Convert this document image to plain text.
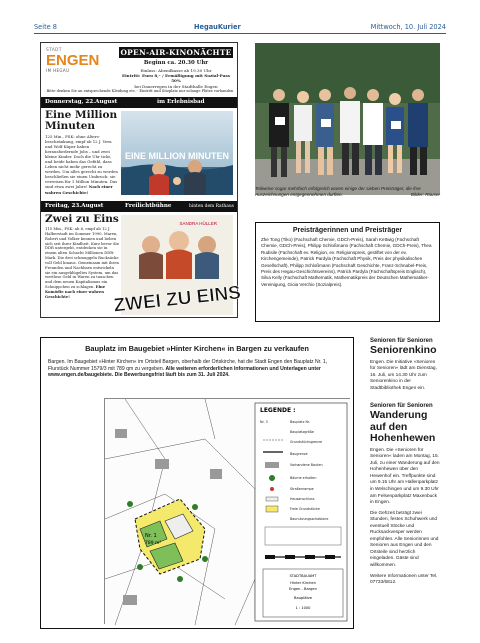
Seite 8	HegauKurier	Mittwoch, 10. Juli 2024
STADT
ENGEN
IM HEGAU
OPEN-AIR-KINONÄCHTE
Beginn ca. 20.30 Uhr
Einlass: Abendkasse ab 19.30 Uhr
Eintritt: Euro 8,– / Ermäßigung mit Sozial-Pass 50%
bei Dauerregen in der Stadthalle Engen
Bitte denken Sie an entsprechende Kleidung etc. · Eintritt und Sitzplatz nur solange Plätze vorhanden
Donnerstag, 22.August	im Erlebnisbad
Eine Million Minuten
125 Min., FSK: ohne Alters-beschränkung, empf ab 12 J. Vera und Wolf Küper haben herausfordernde Jobs – und zwei kleine Kinder. Doch die Uhr tickt, und beide haben das Gefühl, dass Leben nicht mehr gerecht zu werden. Um alles gerecht zu werden beschließen sie einen Umbruch: sie verreisen für 1 Million Minuten. Das sind etwa zwei Jahre! Nach einer wahren Geschichte!
EINE MILLION MINUTEN
Freitag, 23.August	Freilichtbühne	hinten dem Rathaus
Zwei zu Eins
115 Min., FSK: ab 6, empf ab 12 J. Halberstadt im Sommer 1990. Maren, Robert und Volker kennen und lieben sich seit ihrer Kindheit. Kurz bevor die DDR untergeht, entdecken sie in einem alten Schacht Millionen DDR-Mark. Die drei schmuggeln Rucksäcke voll Geld hinaus. Gemeinsam mit ihren Freunden und Nachbarn entwickeln sie ein ausgeklügeltes System, um das wertlose Geld in Waren zu tauschen und dem neuen Kapitalismus ein Schnippchen zu schlagen. Eine Komödie nach einer wahren Geschichte!
SANDRA HÜLLER
ZWEI ZU EINS
Teilweise sogar mehrfach erfolgreich waren einige der sieben Preisträger, die ihre Auszeichnungen entgegennehmen durften.	Bilder: Rauser
Preisträgerinnen und Preisträger

Zhe Tong (Tiko) (Fachschaft Chemie, GDCh-Preis), Sarah Kettwig (Fachschaft Chemie, GDCh-Preis), Philipp Schloßmann (Fachschaft Chemie, GDCh-Preis), Thea Rudisile (Fachschaft ev. Religion, ev. Religionspreis, gestiftet von der ev. Kirchengemeinde), Patrick Pardyla (Fachschaft Physik, Preis der physikalischen Gesellschaft), Philipp Schloßmann (Fachschaft Geschichte, Franz-Schnabel-Preis, Preis des Hegau-Geschichtsvereins), Patrick Pardyla (Fachschaftspreis Englisch), Silva Kelly (Fachschaft Mathematik, Mathematikpreis der Deutschen Mathematiker-Vereinigung, Gioia Verchio (Sozialpreis).

Bauplatz im Baugebiet »Hinter Kirchen« in Bargen zu verkaufen
Bargen. Im Baugebiet »Hinter Kirchen« im Ortsteil Bargen, oberhalb der Ortskirche, hat die Stadt Engen den Bauplatz Nr. 1, Flurstück Nummer 1579/3 mit 789 qm zu vergeben. Alle weiteren erforderlichen Informationen und Unterlagen unter www.engen.de/baugebiete. Die Bewerbungsfrist läuft bis zum 31. Juli 2024.
Nr. 1
789 m²
LEGENDE :
Nr. 3	Bauplatz Nr.
Bauplatzgröße
Grundstücksgrenze
Baugrenze
Vorhandene Bauten
Bäume erhalten
Straßenrampe
Hausanschluss
Freie Grundstücke
Baunutzungsschablone
STADTBAUAMT
Hinter Kirchen
Engen - Bargen
Bauplätze
1 : 1000
Senioren für Senioren
Seniorenkino

Engen. Die Initiative »Senioren für Senioren« lädt am Dienstag, 16. Juli, um 14.30 Uhr zum Seniorenkino in der Stadtbibliothek Engen ein.

Senioren für Senioren
Wanderung auf den Hohenhewen

Engen. Die »Senioren für Senioren« laden am Montag, 15. Juli, zu einer Wanderung auf den Hohenhewen über den Hewenhof ein. Treffpunkte sind um 9.15 Uhr am Hallenparkplatz in Welschingen und um 9.30 Uhr am Felsenparkplatz Maxenbuck in Engen.

Die Gehzeit beträgt zwei Stunden, festes Schuhwerk und eventuell Stöcke und Rucksackvesper werden empfohlen. Alle Seniorinnen und Senioren aus Engen und den Ortsteile sind herzlich eingeladen. Gäste sind willkommen.

Weitere Informationen unter Tel. 07733/6812.
